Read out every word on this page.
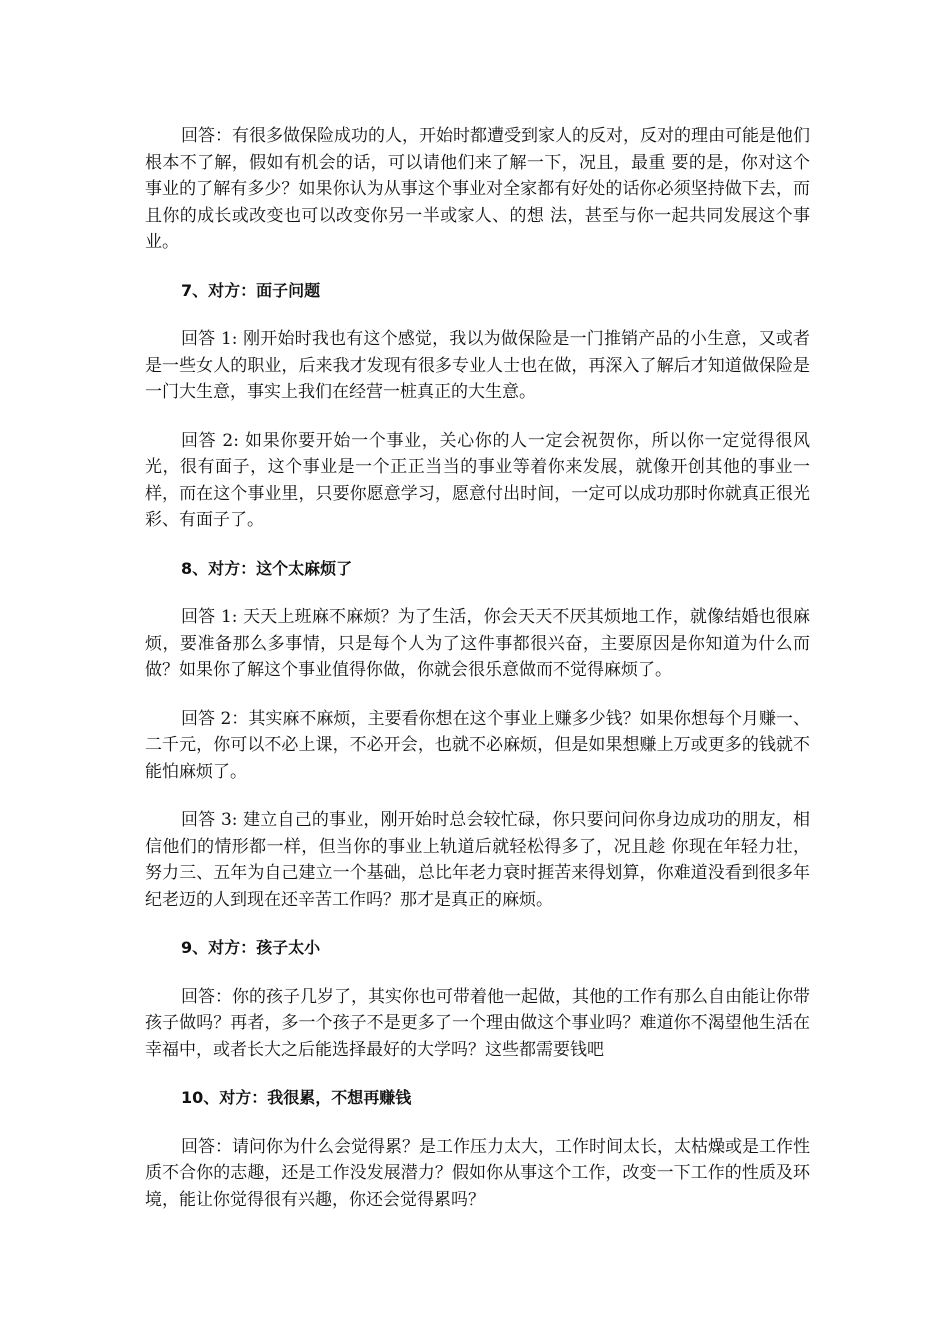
回答：有很多做保险成功的人，开始时都遭受到家人的反对，反对的理由可能是他们根本不了解，假如有机会的话，可以请他们来了解一下，况且，最重 要的是，你对这个事业的了解有多少？如果你认为从事这个事业对全家都有好处的话你必须坚持做下去，而且你的成长或改变也可以改变你另一半或家人、的想 法，甚至与你一起共同发展这个事业。

7、对方：面子问题

回答 1: 刚开始时我也有这个感觉，我以为做保险是一门推销产品的小生意，又或者是一些女人的职业，后来我才发现有很多专业人士也在做，再深入了解后才知道做保险是一门大生意，事实上我们在经营一桩真正的大生意。

回答 2: 如果你要开始一个事业，关心你的人一定会祝贺你，所以你一定觉得很风光，很有面子，这个事业是一个正正当当的事业等着你来发展，就像开创其他的事业一样，而在这个事业里，只要你愿意学习，愿意付出时间，一定可以成功那时你就真正很光彩、有面子了。

8、对方：这个太麻烦了

回答 1: 天天上班麻不麻烦？为了生活，你会天天不厌其烦地工作，就像结婚也很麻烦，要准备那么多事情，只是每个人为了这件事都很兴奋，主要原因是你知道为什么而做？如果你了解这个事业值得你做，你就会很乐意做而不觉得麻烦了。

回答 2：其实麻不麻烦，主要看你想在这个事业上赚多少钱？如果你想每个月赚一、二千元，你可以不必上课，不必开会，也就不必麻烦，但是如果想赚上万或更多的钱就不能怕麻烦了。

回答 3: 建立自己的事业，刚开始时总会较忙碌，你只要问问你身边成功的朋友，相信他们的情形都一样，但当你的事业上轨道后就轻松得多了，况且趁 你现在年轻力壮，努力三、五年为自己建立一个基础，总比年老力衰时捱苦来得划算，你难道没看到很多年纪老迈的人到现在还辛苦工作吗？那才是真正的麻烦。

9、对方：孩子太小

回答：你的孩子几岁了，其实你也可带着他一起做，其他的工作有那么自由能让你带孩子做吗？再者，多一个孩子不是更多了一个理由做这个事业吗？难道你不渴望他生活在幸福中，或者长大之后能选择最好的大学吗？这些都需要钱吧

10、对方：我很累，不想再赚钱

回答：请问你为什么会觉得累？是工作压力太大，工作时间太长，太枯燥或是工作性质不合你的志趣，还是工作没发展潜力？假如你从事这个工作，改变一下工作的性质及环境，能让你觉得很有兴趣，你还会觉得累吗？
